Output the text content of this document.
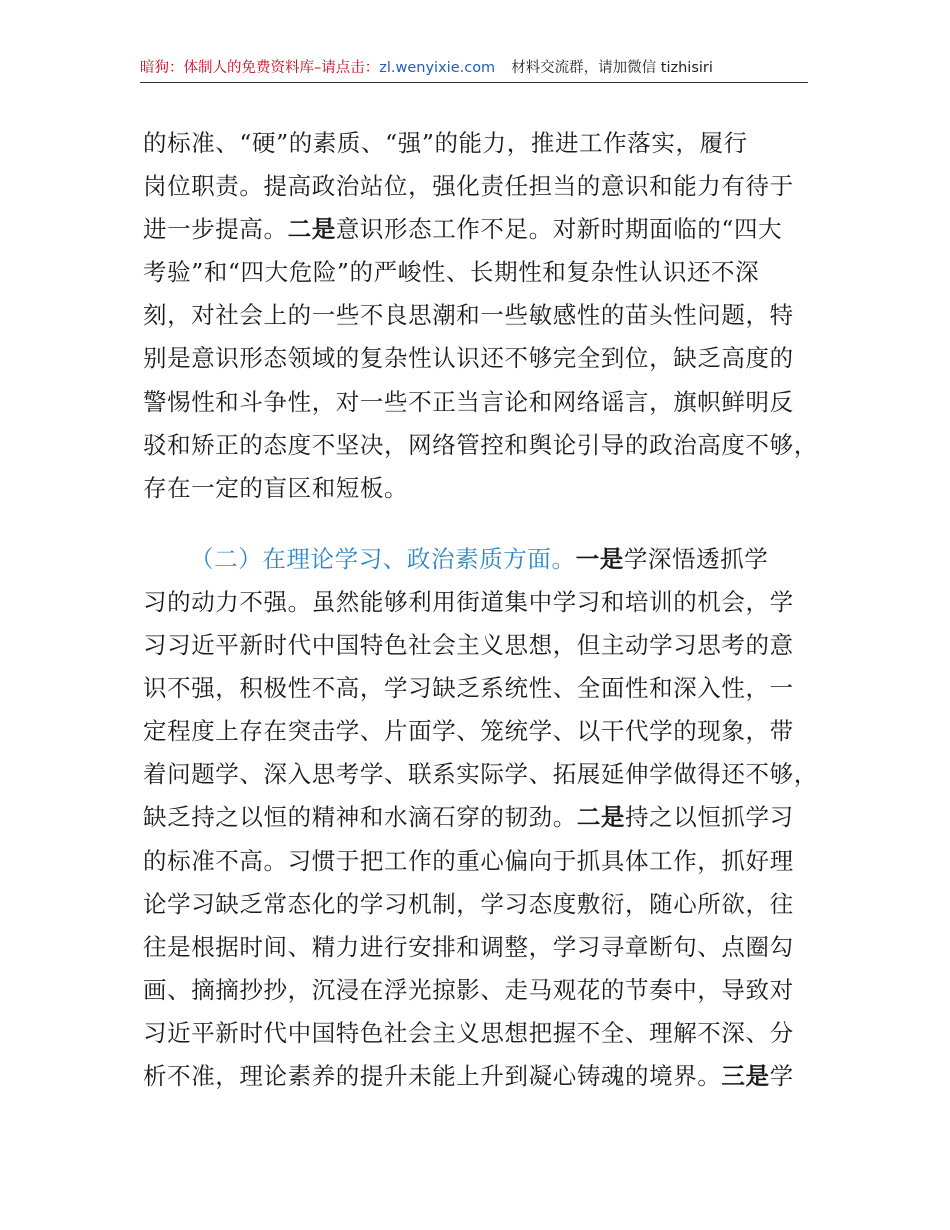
暗狗：体制人的免费资料库–请点击：zl.wenyixie.com 材料交流群，请加微信 tizhisiri

的标准、“硬”的素质、“强”的能力，推进工作落实，履行

岗位职责。提高政治站位，强化责任担当的意识和能力有待于

进一步提高。二是意识形态工作不足。对新时期面临的“四大

考验”和“四大危险”的严峻性、长期性和复杂性认识还不深

刻，对社会上的一些不良思潮和一些敏感性的苗头性问题，特

别是意识形态领域的复杂性认识还不够完全到位，缺乏高度的

警惕性和斗争性，对一些不正当言论和网络谣言，旗帜鲜明反

驳和矫正的态度不坚决，网络管控和舆论引导的政治高度不够，

存在一定的盲区和短板。

（二）在理论学习、政治素质方面。一是学深悟透抓学

习的动力不强。虽然能够利用街道集中学习和培训的机会，学

习习近平新时代中国特色社会主义思想，但主动学习思考的意

识不强，积极性不高，学习缺乏系统性、全面性和深入性，一

定程度上存在突击学、片面学、笼统学、以干代学的现象，带

着问题学、深入思考学、联系实际学、拓展延伸学做得还不够，

缺乏持之以恒的精神和水滴石穿的韧劲。二是持之以恒抓学习

的标准不高。习惯于把工作的重心偏向于抓具体工作，抓好理

论学习缺乏常态化的学习机制，学习态度敷衍，随心所欲，往

往是根据时间、精力进行安排和调整，学习寻章断句、点圈勾

画、摘摘抄抄，沉浸在浮光掠影、走马观花的节奏中，导致对

习近平新时代中国特色社会主义思想把握不全、理解不深、分

析不准，理论素养的提升未能上升到凝心铸魂的境界。三是学
